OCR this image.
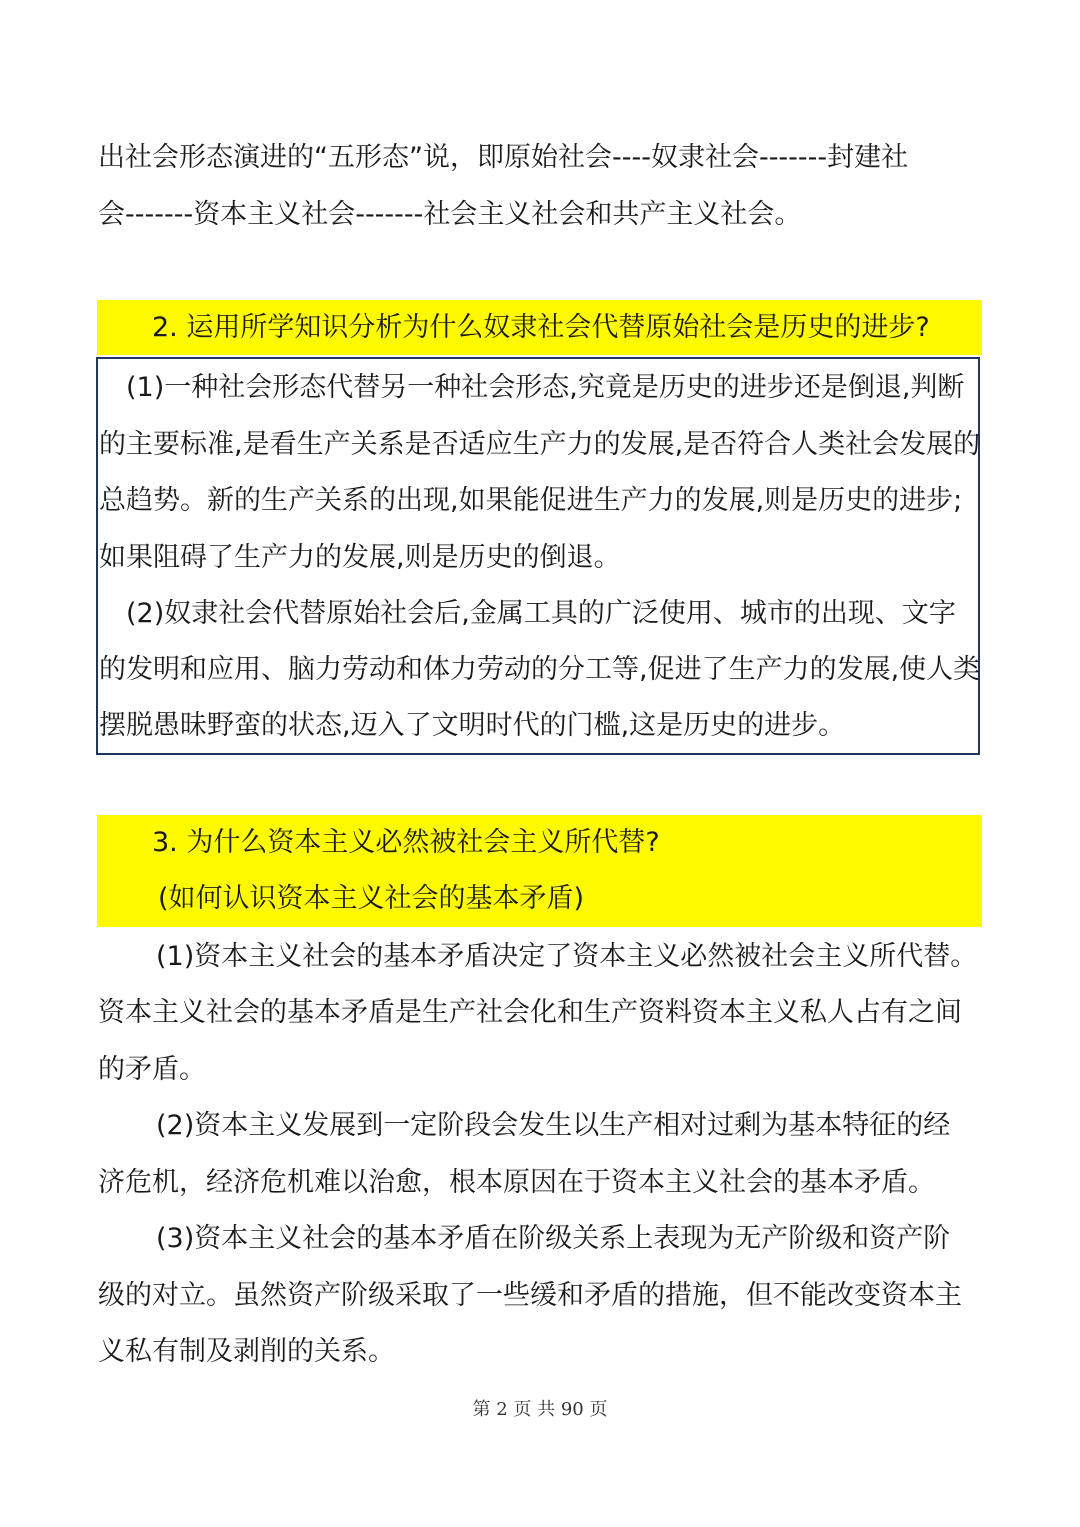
出社会形态演进的“五形态”说，即原始社会----奴隶社会-------封建社
会-------资本主义社会-------社会主义社会和共产主义社会。
2. 运用所学知识分析为什么奴隶社会代替原始社会是历史的进步?
(1)一种社会形态代替另一种社会形态,究竟是历史的进步还是倒退,判断
的主要标准,是看生产关系是否适应生产力的发展,是否符合人类社会发展的
总趋势。新的生产关系的出现,如果能促进生产力的发展,则是历史的进步;
如果阻碍了生产力的发展,则是历史的倒退。
(2)奴隶社会代替原始社会后,金属工具的广泛使用、城市的出现、文字
的发明和应用、脑力劳动和体力劳动的分工等,促进了生产力的发展,使人类
摆脱愚昧野蛮的状态,迈入了文明时代的门槛,这是历史的进步。
3. 为什么资本主义必然被社会主义所代替?
(如何认识资本主义社会的基本矛盾)
(1)资本主义社会的基本矛盾决定了资本主义必然被社会主义所代替。
资本主义社会的基本矛盾是生产社会化和生产资料资本主义私人占有之间
的矛盾。
(2)资本主义发展到一定阶段会发生以生产相对过剩为基本特征的经
济危机，经济危机难以治愈，根本原因在于资本主义社会的基本矛盾。
(3)资本主义社会的基本矛盾在阶级关系上表现为无产阶级和资产阶
级的对立。虽然资产阶级采取了一些缓和矛盾的措施，但不能改变资本主
义私有制及剥削的关系。
第 2 页 共 90 页
